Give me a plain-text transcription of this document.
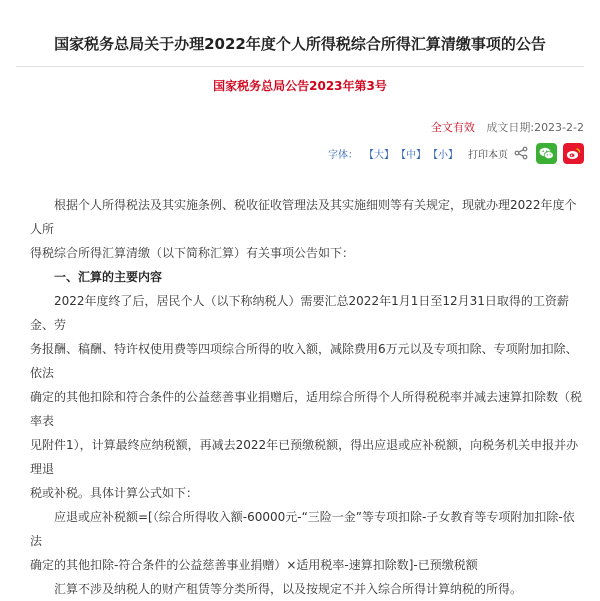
国家税务总局关于办理2022年度个人所得税综合所得汇算清缴事项的公告
国家税务总局公告2023年第3号
全文有效 成文日期:2023-2-2
字体： 【大】 【中】 【小】 打印本页

根据个人所得税法及其实施条例、税收征收管理法及其实施细则等有关规定，现就办理2022年度个人所

得税综合所得汇算清缴（以下简称汇算）有关事项公告如下：
一、汇算的主要内容

2022年度终了后，居民个人（以下称纳税人）需要汇总2022年1月1日至12月31日取得的工资薪金、劳

务报酬、稿酬、特许权使用费等四项综合所得的收入额，减除费用6万元以及专项扣除、专项附加扣除、依法
确定的其他扣除和符合条件的公益慈善事业捐赠后，适用综合所得个人所得税税率并减去速算扣除数（税率表
见附件1），计算最终应纳税额，再减去2022年已预缴税额，得出应退或应补税额，向税务机关申报并办理退
税或补税。具体计算公式如下：

应退或应补税额=[（综合所得收入额-60000元-“三险一金”等专项扣除-子女教育等专项附加扣除-依法

确定的其他扣除-符合条件的公益慈善事业捐赠）×适用税率-速算扣除数]-已预缴税额

汇算不涉及纳税人的财产租赁等分类所得，以及按规定不并入综合所得计算纳税的所得。
